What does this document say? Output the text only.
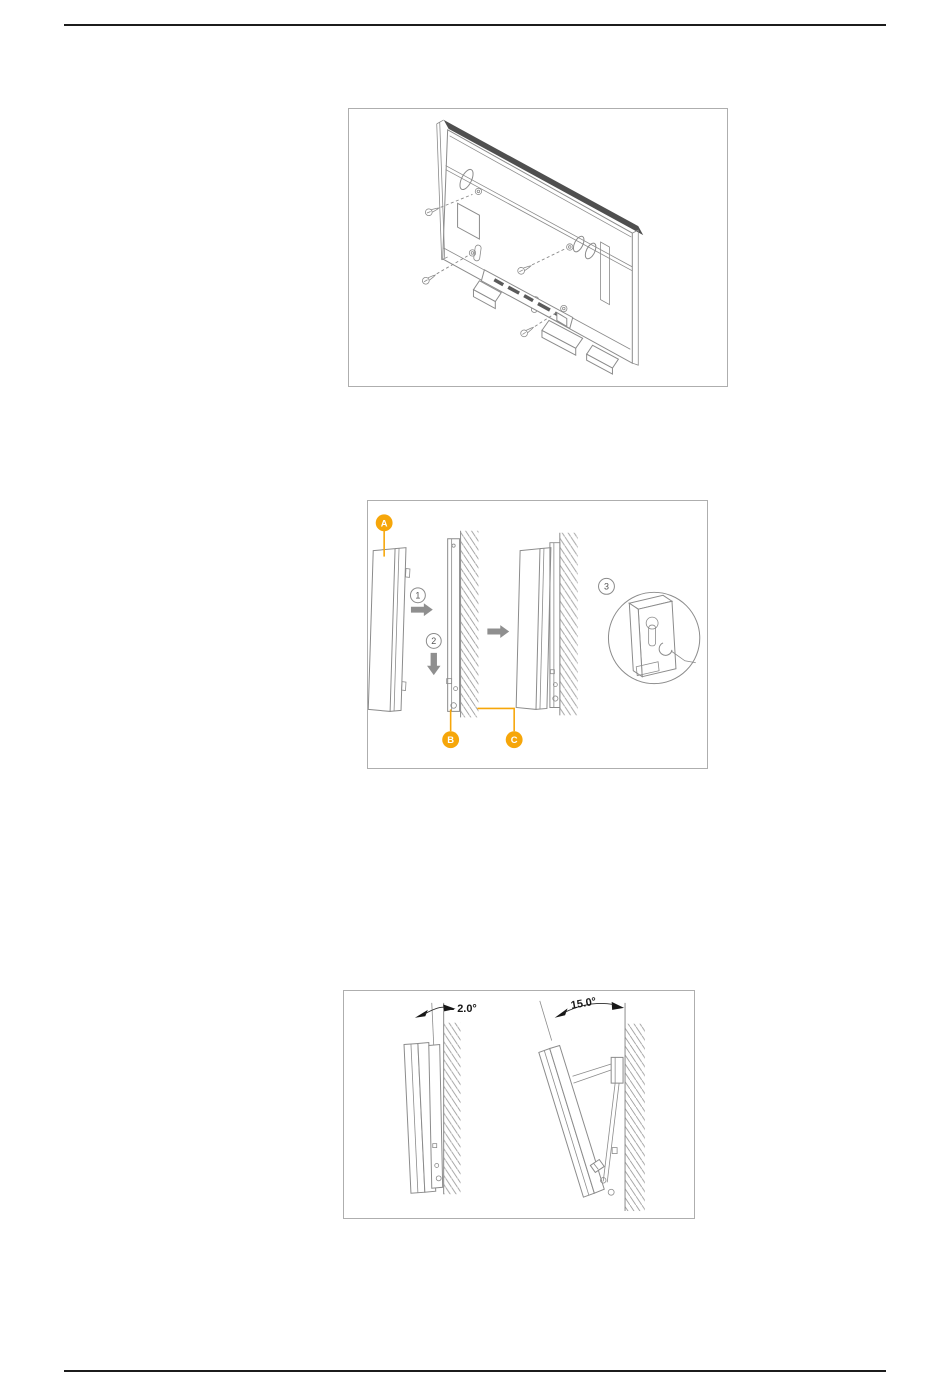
A
1
2
3
B	C
- 2.0°	15.0°
